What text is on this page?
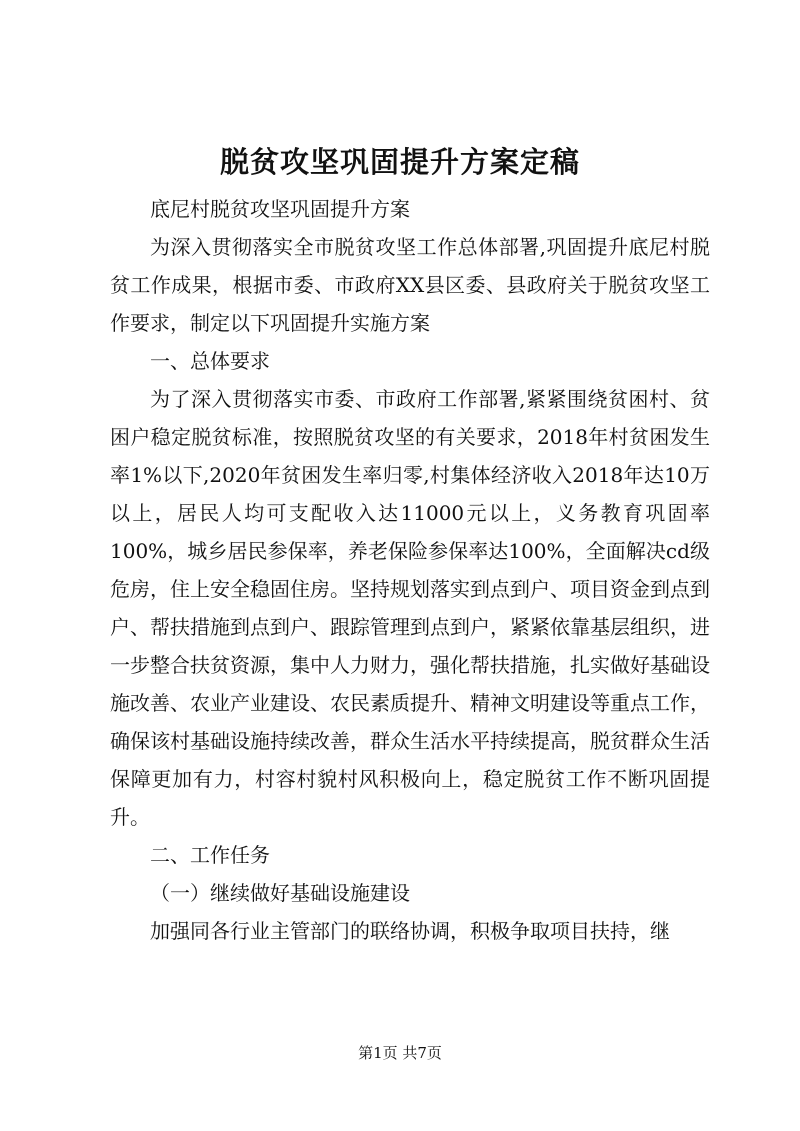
脱贫攻坚巩固提升方案定稿

底尼村脱贫攻坚巩固提升方案

为深入贯彻落实全市脱贫攻坚工作总体部署,巩固提升底尼村脱贫工作成果，根据市委、市政府XX县区委、县政府关于脱贫攻坚工作要求，制定以下巩固提升实施方案

一、总体要求

为了深入贯彻落实市委、市政府工作部署,紧紧围绕贫困村、贫困户稳定脱贫标准，按照脱贫攻坚的有关要求，2018年村贫困发生率1%以下,2020年贫困发生率归零,村集体经济收入2018年达10万以上，居民人均可支配收入达11000元以上，义务教育巩固率100%，城乡居民参保率，养老保险参保率达100%，全面解决cd级危房，住上安全稳固住房。坚持规划落实到点到户、项目资金到点到户、帮扶措施到点到户、跟踪管理到点到户，紧紧依靠基层组织，进一步整合扶贫资源，集中人力财力，强化帮扶措施，扎实做好基础设施改善、农业产业建设、农民素质提升、精神文明建设等重点工作，确保该村基础设施持续改善，群众生活水平持续提高，脱贫群众生活保障更加有力，村容村貌村风积极向上，稳定脱贫工作不断巩固提升。

二、工作任务

（一）继续做好基础设施建设

加强同各行业主管部门的联络协调，积极争取项目扶持，继

第1页 共7页
